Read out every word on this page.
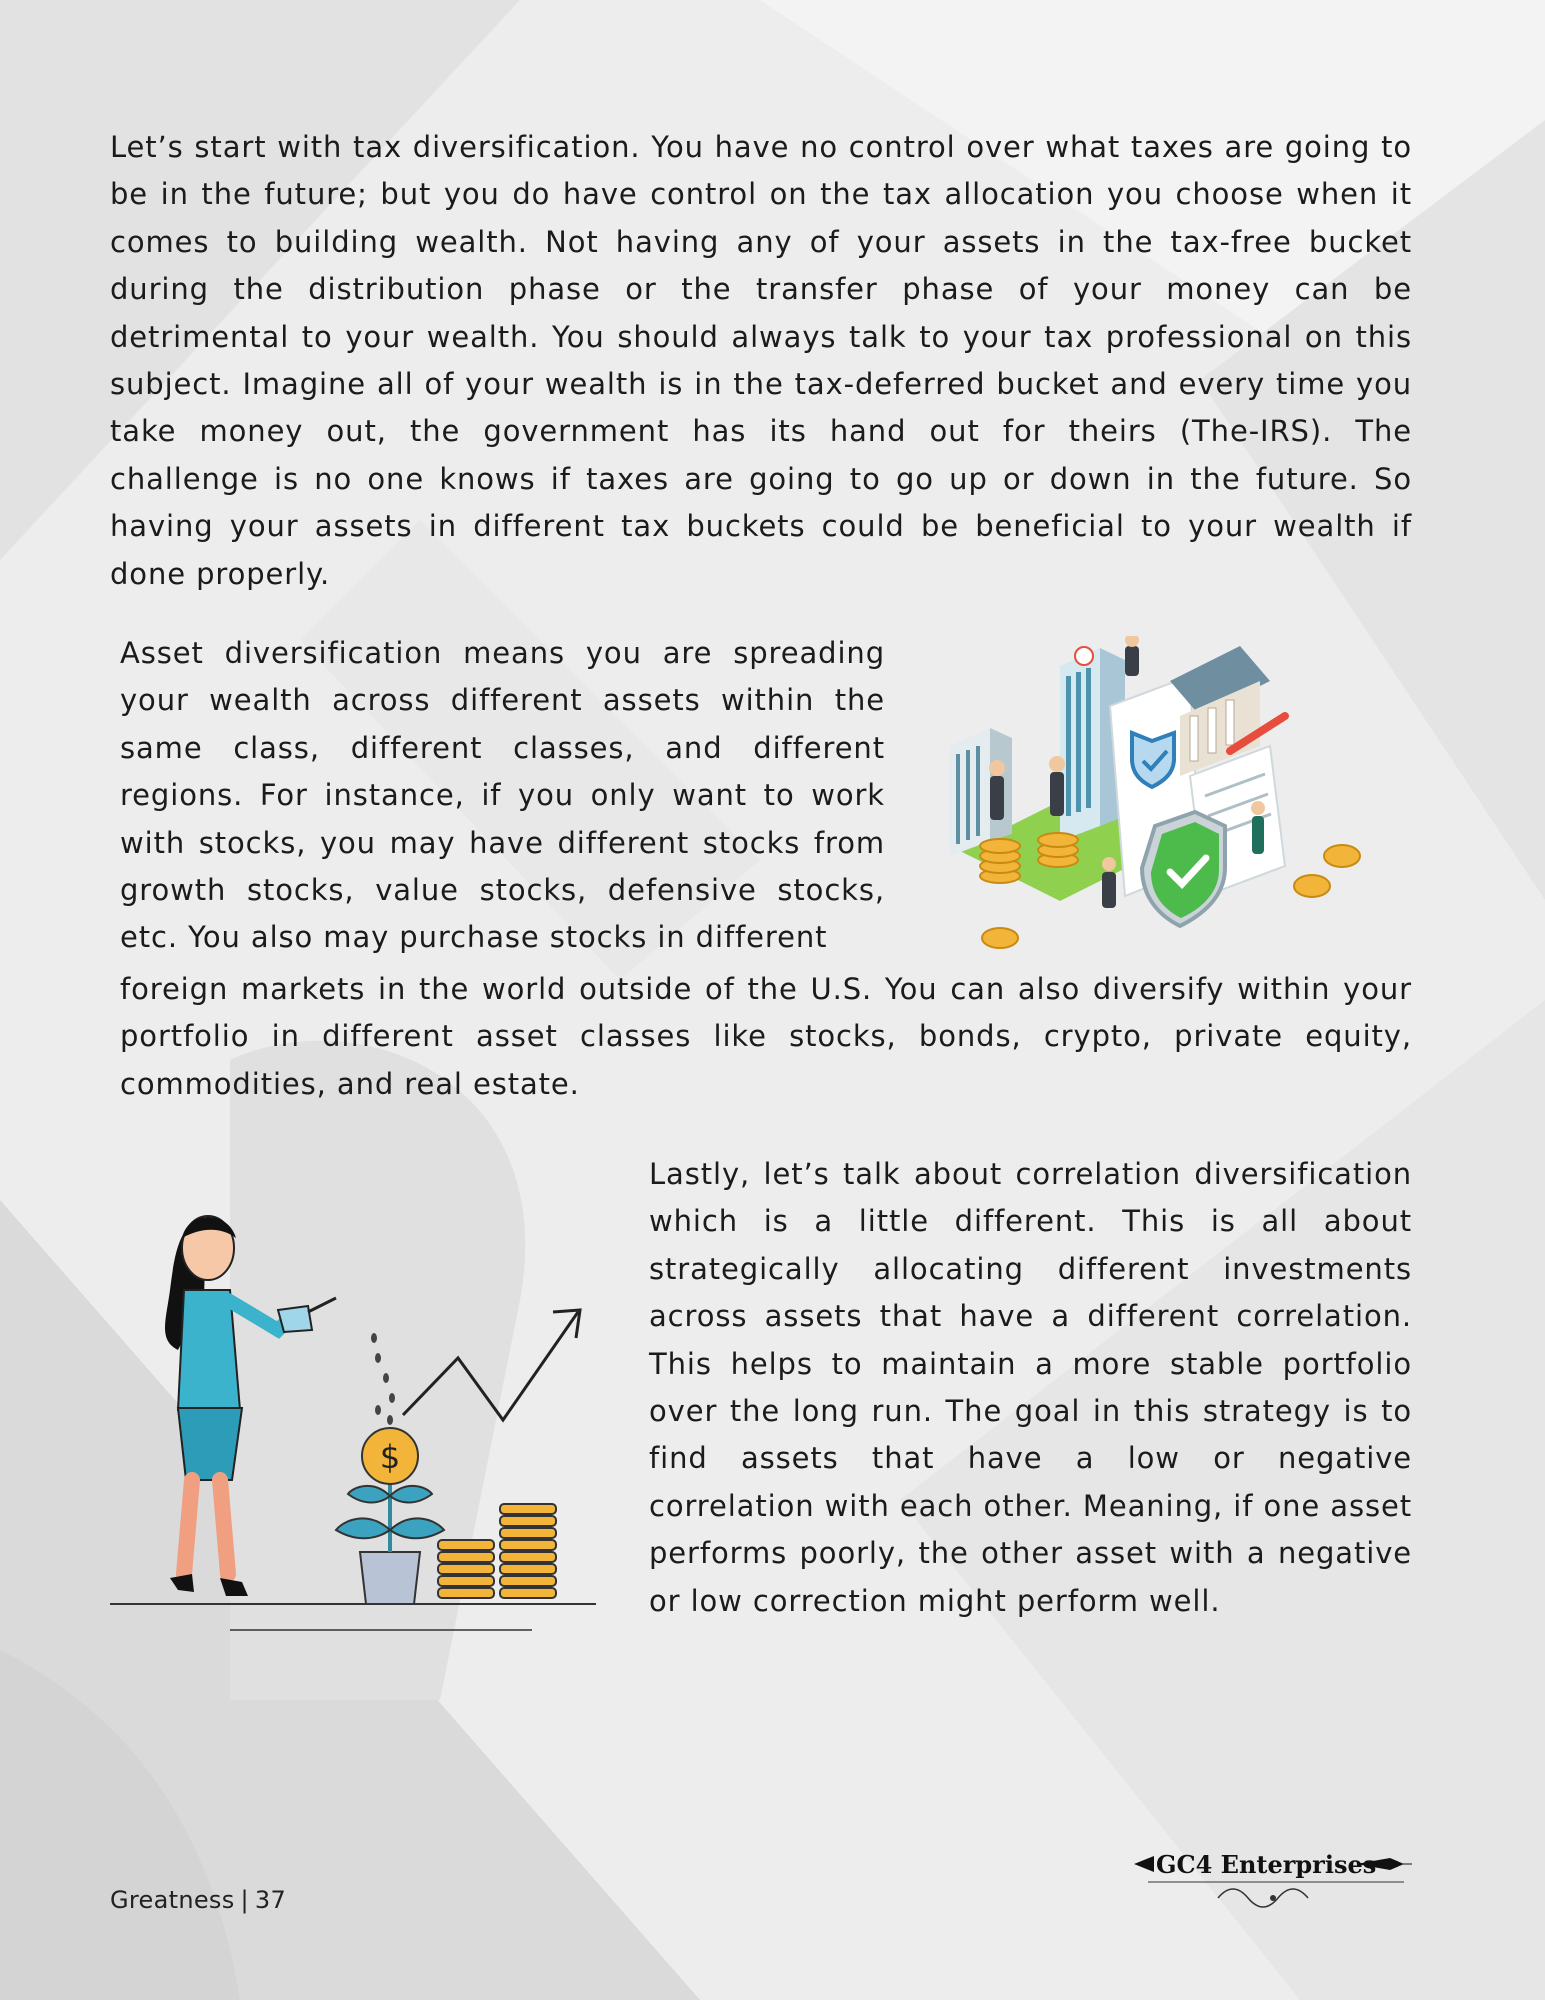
Let’s start with tax diversification. You have no control over what taxes are going to be in the future; but you do have control on the tax allocation you choose when it comes to building wealth. Not having any of your assets in the tax-free bucket during the distribution phase or the transfer phase of your money can be detrimental to your wealth. You should always talk to your tax professional on this subject. Imagine all of your wealth is in the tax-deferred bucket and every time you take money out, the government has its hand out for theirs (The-IRS). The challenge is no one knows if taxes are going to go up or down in the future. So having your assets in different tax buckets could be beneficial to your wealth if done properly.

Asset diversification means you are spreading your wealth across different assets within the same class, different classes, and different regions. For instance, if you only want to work with stocks, you may have different stocks from growth stocks, value stocks, defensive stocks, etc. You also may purchase stocks in different

foreign markets in the world outside of the U.S. You can also diversify within your portfolio in different asset classes like stocks, bonds, crypto, private equity, commodities, and real estate.

Lastly, let’s talk about correlation diversification which is a little different. This is all about strategically allocating different investments across assets that have a different correlation. This helps to maintain a more stable portfolio over the long run. The goal in this strategy is to find assets that have a low or negative correlation with each other. Meaning, if one asset performs poorly, the other asset with a negative or low correction might perform well.

$
Greatness | 37
GC4 Enterprises
